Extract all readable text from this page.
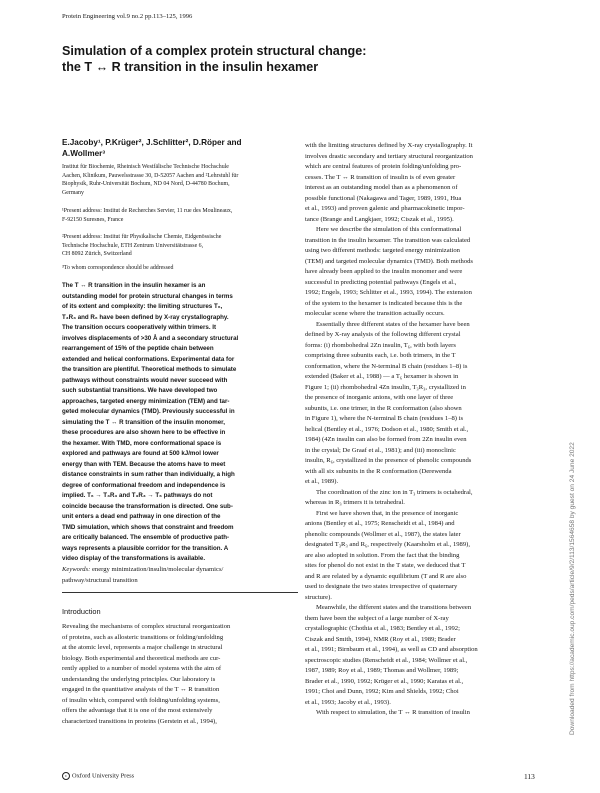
Protein Engineering vol.9 no.2 pp.113–125, 1996
Simulation of a complex protein structural change:
the T ↔ R transition in the insulin hexamer
E.Jacoby¹, P.Krüger², J.Schlitter², D.Röper and
A.Wollmer³
Institut für Biochemie, Rheinisch Westfälische Technische Hochschule
Aachen, Klinikum, Pauwelsstrasse 30, D-52057 Aachen and ²Lehrstuhl für
Biophysik, Ruhr-Universität Bochum, ND 04 Nord, D-44780 Bochum,
Germany
¹Present address: Institut de Recherches Servier, 11 rue des Moulineaux,
F-92150 Suresnes, France
²Present address: Institut für Physikalische Chemie, Eidgenössische
Technische Hochschule, ETH Zentrum Universitätstrasse 6,
CH 8092 Zürich, Switzerland
³To whom correspondence should be addressed
The T ↔ R transition in the insulin hexamer is an
outstanding model for protein structural changes in terms
of its extent and complexity: the limiting structures T₆,
T₃R₃ and R₆ have been defined by X-ray crystallography.
The transition occurs cooperatively within trimers. It
involves displacements of >30 Å and a secondary structural
rearrangement of 15% of the peptide chain between
extended and helical conformations. Experimental data for
the transition are plentiful. Theoretical methods to simulate
pathways without constraints would never succeed with
such substantial transitions. We have developed two
approaches, targeted energy minimization (TEM) and tar-
geted molecular dynamics (TMD). Previously successful in
simulating the T ↔ R transition of the insulin monomer,
these procedures are also shown here to be effective in
the hexamer. With TMD, more conformational space is
explored and pathways are found at 500 kJ/mol lower
energy than with TEM. Because the atoms have to meet
distance constraints in sum rather than individually, a high
degree of conformational freedom and independence is
implied. T₆ → T₃R₃ and T₃R₃ → T₆ pathways do not
coincide because the transformation is directed. One sub-
unit enters a dead end pathway in one direction of the
TMD simulation, which shows that constraint and freedom
are critically balanced. The ensemble of productive path-
ways represents a plausible corridor for the transition. A
video display of the transformations is available.
Keywords: energy minimization/insulin/molecular dynamics/
pathway/structural transition
Introduction
Revealing the mechanisms of complex structural reorganization
of proteins, such as allosteric transitions or folding/unfolding
at the atomic level, represents a major challenge in structural
biology. Both experimental and theoretical methods are cur-
rently applied to a number of model systems with the aim of
understanding the underlying principles. Our laboratory is
engaged in the quantitative analysis of the T ↔ R transition
of insulin which, compared with folding/unfolding systems,
offers the advantage that it is one of the most extensively
characterized transitions in proteins (Gerstein et al., 1994),
with the limiting structures defined by X-ray crystallography. It
involves drastic secondary and tertiary structural reorganization
which are central features of protein folding/unfolding pro-
cesses. The T ↔ R transition of insulin is of even greater
interest as an outstanding model than as a phenomenon of
possible functional (Nakagawa and Tager, 1989, 1991, Hua
et al., 1993) and proven galenic and pharmacokinetic impor-
tance (Brange and Langkjaer, 1992; Ciszak et al., 1995).
Here we describe the simulation of this conformational
transition in the insulin hexamer. The transition was calculated
using two different methods: targeted energy minimization
(TEM) and targeted molecular dynamics (TMD). Both methods
have already been applied to the insulin monomer and were
successful in predicting potential pathways (Engels et al.,
1992; Engels, 1993; Schlitter et al., 1993, 1994). The extension
of the system to the hexamer is indicated because this is the
molecular scene where the transition actually occurs.
Essentially three different states of the hexamer have been
defined by X-ray analysis of the following different crystal
forms: (i) rhombohedral 2Zn insulin, T₆, with both layers
comprising three subunits each, i.e. both trimers, in the T
conformation, where the N-terminal B chain (residues 1–8) is
extended (Baker et al., 1988) — a T₆ hexamer is shown in
Figure 1; (ii) rhombohedral 4Zn insulin, T₃R₃, crystallized in
the presence of inorganic anions, with one layer of three
subunits, i.e. one trimer, in the R conformation (also shown
in Figure 1), where the N-terminal B chain (residues 1–8) is
helical (Bentley et al., 1976; Dodson et al., 1980; Smith et al.,
1984) (4Zn insulin can also be formed from 2Zn insulin even
in the crystal; De Graaf et al., 1981); and (iii) monoclinic
insulin, R₆, crystallized in the presence of phenolic compounds
with all six subunits in the R conformation (Derewenda
et al., 1989).
The coordination of the zinc ion in T₃ trimers is octahedral,
whereas in R₃ trimers it is tetrahedral.
First we have shown that, in the presence of inorganic
anions (Bentley et al., 1975; Renscheidt et al., 1984) and
phenolic compounds (Wollmer et al., 1987), the states later
designated T₃R₃ and R₆, respectively (Kaarsholm et al., 1989),
are also adopted in solution. From the fact that the binding
sites for phenol do not exist in the T state, we deduced that T
and R are related by a dynamic equilibrium (T and R are also
used to designate the two states irrespective of quaternary
structure).
Meanwhile, the different states and the transitions between
them have been the subject of a large number of X-ray
crystallographic (Chothia et al., 1983; Bentley et al., 1992;
Ciszak and Smith, 1994), NMR (Roy et al., 1989; Brader
et al., 1991; Birnbaum et al., 1994), as well as CD and absorption
spectroscopic studies (Renscheidt et al., 1984; Wollmer et al.,
1987, 1989; Roy et al., 1989; Thomas and Wollmer, 1989;
Brader et al., 1990, 1992; Krüger et al., 1990; Karatas et al.,
1991; Choi and Dunn, 1992; Kim and Shields, 1992; Choi
et al., 1993; Jacoby et al., 1993).
With respect to simulation, the T ↔ R transition of insulin
c Oxford University Press	113
Downloaded from https://academic.oup.com/peds/article/9/2/113/1564658 by guest on 24 June 2022
